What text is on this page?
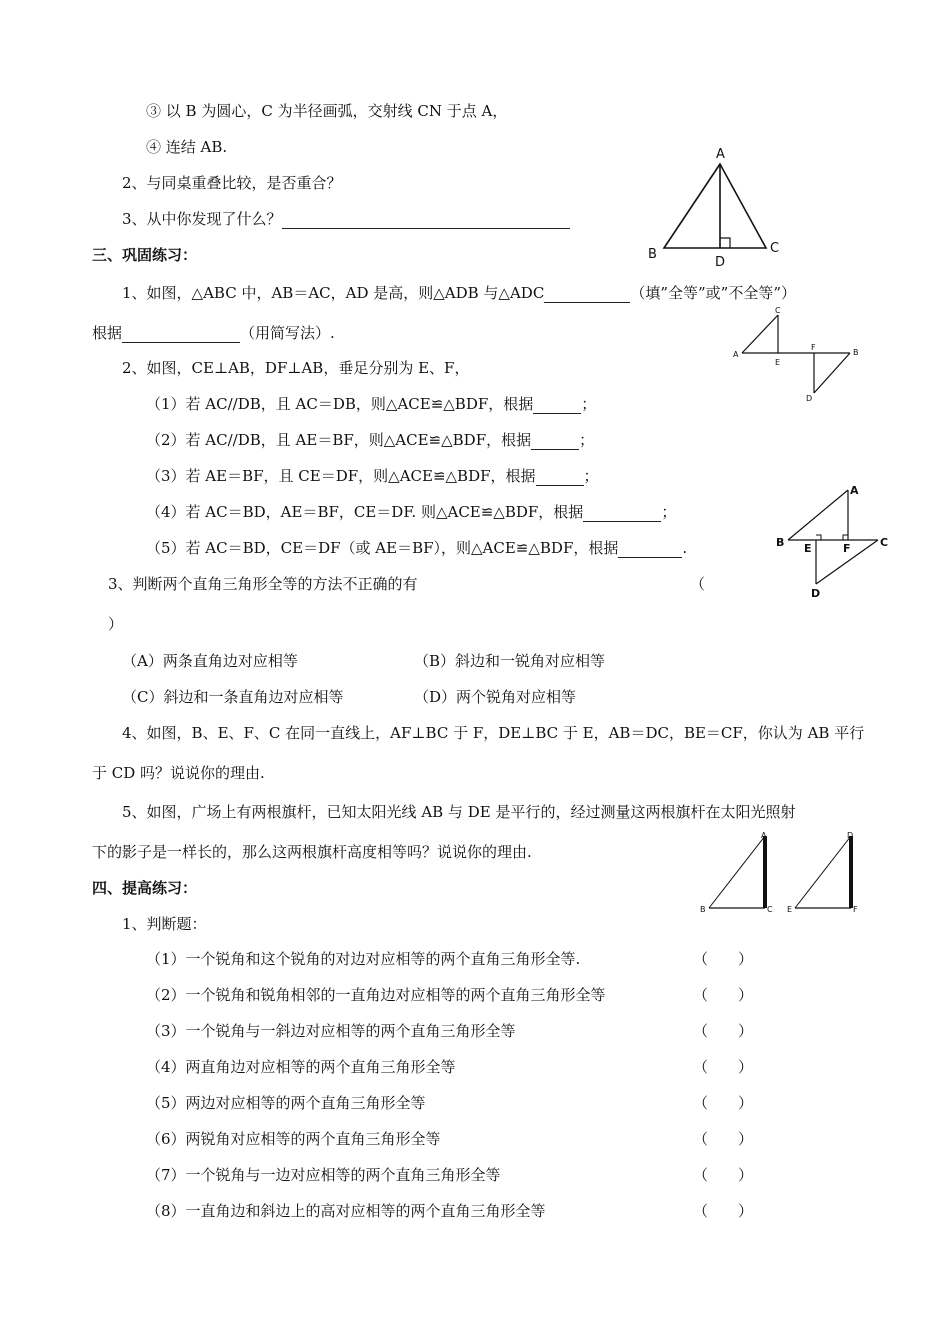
③ 以 B 为圆心，C 为半径画弧，交射线 CN 于点 A，
④ 连结 AB.
2、与同桌重叠比较，是否重合？
3、从中你发现了什么？
A
B
D
C
三、巩固练习：
1、如图，△ABC 中，AB＝AC，AD 是高，则△ADB 与△ADC	（填”全等”或”不全等”）
根据	（用简写法）.
C
A
E
F
B
D
2、如图，CE⊥AB，DF⊥AB，垂足分别为 E、F，
（1）若 AC//DB，且 AC＝DB，则△ACE≌△BDF，根据	；
（2）若 AC//DB，且 AE＝BF，则△ACE≌△BDF，根据	；
（3）若 AE＝BF，且 CE＝DF，则△ACE≌△BDF，根据	；
（4）若 AC＝BD，AE＝BF，CE＝DF. 则△ACE≌△BDF，根据	；
（5）若 AC＝BD，CE＝DF（或 AE＝BF），则△ACE≌△BDF，根据	.
A
B E	F	C
D
3、判断两个直角三角形全等的方法不正确的有	（
）
（A）两条直角边对应相等	（B）斜边和一锐角对应相等
（C）斜边和一条直角边对应相等	（D）两个锐角对应相等
4、如图，B、E、F、C 在同一直线上，AF⊥BC 于 F，DE⊥BC 于 E，AB＝DC，BE＝CF，你认为 AB 平行
于 CD 吗？说说你的理由.
5、如图，广场上有两根旗杆，已知太阳光线 AB 与 DE 是平行的，经过测量这两根旗杆在太阳光照射
下的影子是一样长的，那么这两根旗杆高度相等吗？说说你的理由.
A
B	C
D
E	F
四、提高练习：
1、判断题：
（1）一个锐角和这个锐角的对边对应相等的两个直角三角形全等.	（　　）
（2）一个锐角和锐角相邻的一直角边对应相等的两个直角三角形全等	（　　）
（3）一个锐角与一斜边对应相等的两个直角三角形全等	（　　）
（4）两直角边对应相等的两个直角三角形全等	（　　）
（5）两边对应相等的两个直角三角形全等	（　　）
（6）两锐角对应相等的两个直角三角形全等	（　　）
（7）一个锐角与一边对应相等的两个直角三角形全等	（　　）
（8）一直角边和斜边上的高对应相等的两个直角三角形全等	（　　）
